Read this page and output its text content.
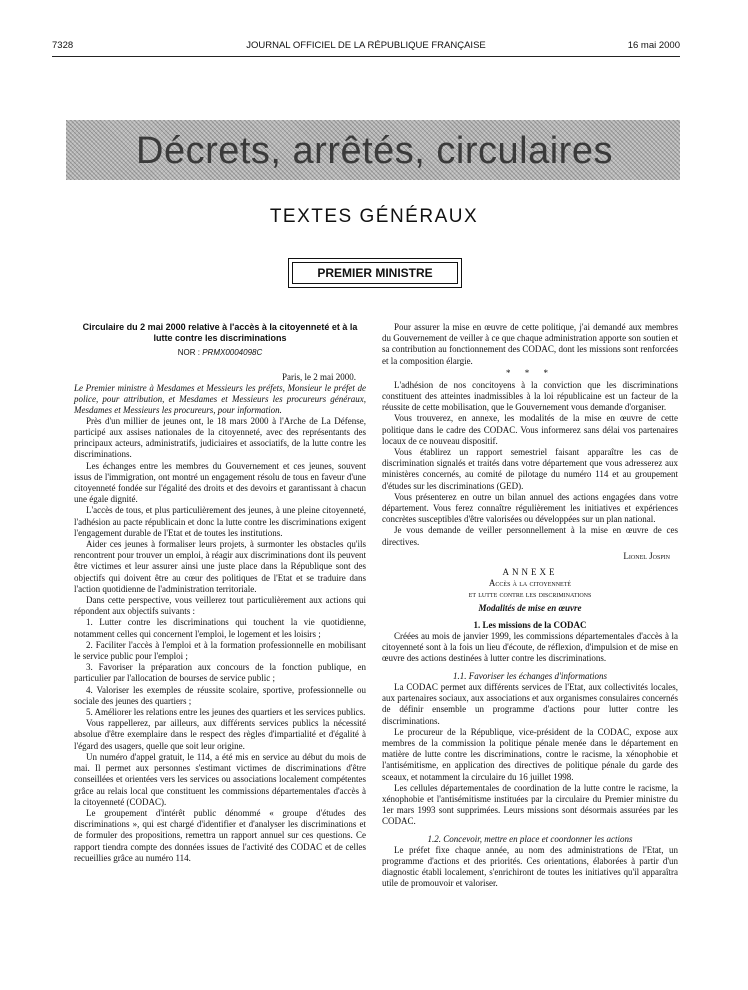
7328	JOURNAL OFFICIEL DE LA RÉPUBLIQUE FRANÇAISE	16 mai 2000
Décrets, arrêtés, circulaires
TEXTES GÉNÉRAUX
PREMIER MINISTRE
Circulaire du 2 mai 2000 relative à l'accès à la citoyenneté et à la lutte contre les discriminations
NOR : PRMX0004098C
Paris, le 2 mai 2000.

Le Premier ministre à Mesdames et Messieurs les préfets, Monsieur le préfet de police, pour attribution, et Mesdames et Messieurs les procureurs généraux, Mesdames et Messieurs les procureurs, pour information.

Près d'un millier de jeunes ont, le 18 mars 2000 à l'Arche de La Défense, participé aux assises nationales de la citoyenneté, avec des représentants des principaux acteurs, administratifs, judiciaires et associatifs, de la lutte contre les discriminations.

Les échanges entre les membres du Gouvernement et ces jeunes, souvent issus de l'immigration, ont montré un engagement résolu de tous en faveur d'une citoyenneté fondée sur l'égalité des droits et des devoirs et garantissant à chacun une égale dignité.

L'accès de tous, et plus particulièrement des jeunes, à une pleine citoyenneté, l'adhésion au pacte républicain et donc la lutte contre les discriminations exigent l'engagement durable de l'Etat et de toutes les institutions.

Aider ces jeunes à formaliser leurs projets, à surmonter les obstacles qu'ils rencontrent pour trouver un emploi, à réagir aux discriminations dont ils peuvent être victimes et leur assurer ainsi une juste place dans la République sont des objectifs qui doivent être au cœur des politiques de l'Etat et se traduire dans l'action quotidienne de l'administration territoriale.

Dans cette perspective, vous veillerez tout particulièrement aux actions qui répondent aux objectifs suivants :

1. Lutter contre les discriminations qui touchent la vie quotidienne, notamment celles qui concernent l'emploi, le logement et les loisirs ;

2. Faciliter l'accès à l'emploi et à la formation professionnelle en mobilisant le service public pour l'emploi ;

3. Favoriser la préparation aux concours de la fonction publique, en particulier par l'allocation de bourses de service public ;

4. Valoriser les exemples de réussite scolaire, sportive, professionnelle ou sociale des jeunes des quartiers ;

5. Améliorer les relations entre les jeunes des quartiers et les services publics.

Vous rappellerez, par ailleurs, aux différents services publics la nécessité absolue d'être exemplaire dans le respect des règles d'impartialité et d'égalité à l'égard des usagers, quelle que soit leur origine.

Un numéro d'appel gratuit, le 114, a été mis en service au début du mois de mai. Il permet aux personnes s'estimant victimes de discriminations d'être conseillées et orientées vers les services ou associations localement compétentes grâce au relais local que constituent les commissions départementales d'accès à la citoyenneté (CODAC).

Le groupement d'intérêt public dénommé « groupe d'études des discriminations », qui est chargé d'identifier et d'analyser les discriminations et de formuler des propositions, remettra un rapport annuel sur ces questions. Ce rapport tiendra compte des données issues de l'activité des CODAC et de celles recueillies grâce au numéro 114.

Pour assurer la mise en œuvre de cette politique, j'ai demandé aux membres du Gouvernement de veiller à ce que chaque administration apporte son soutien et sa contribution au fonctionnement des CODAC, dont les missions sont renforcées et la composition élargie.

* * *

L'adhésion de nos concitoyens à la conviction que les discriminations constituent des atteintes inadmissibles à la loi républicaine est un facteur de la réussite de cette mobilisation, que le Gouvernement vous demande d'organiser.

Vous trouverez, en annexe, les modalités de la mise en œuvre de cette politique dans le cadre des CODAC. Vous informerez sans délai vos partenaires locaux de ce nouveau dispositif.

Vous établirez un rapport semestriel faisant apparaître les cas de discrimination signalés et traités dans votre département que vous adresserez aux ministères concernés, au comité de pilotage du numéro 114 et au groupement d'études sur les discriminations (GED).

Vous présenterez en outre un bilan annuel des actions engagées dans votre département. Vous ferez connaître régulièrement les initiatives et expériences concrètes susceptibles d'être valorisées ou développées sur un plan national.

Je vous demande de veiller personnellement à la mise en œuvre de ces directives.

Lionel Jospin
ANNEXE
Accès à la citoyenneté
et lutte contre les discriminations
Modalités de mise en œuvre
1. Les missions de la CODAC

Créées au mois de janvier 1999, les commissions départementales d'accès à la citoyenneté sont à la fois un lieu d'écoute, de réflexion, d'impulsion et de mise en œuvre des actions destinées à lutter contre les discriminations.

1.1. Favoriser les échanges d'informations

La CODAC permet aux différents services de l'Etat, aux collectivités locales, aux partenaires sociaux, aux associations et aux organismes consulaires concernés de définir ensemble un programme d'actions pour lutter contre les discriminations.

Le procureur de la République, vice-président de la CODAC, expose aux membres de la commission la politique pénale menée dans le département en matière de lutte contre les discriminations, contre le racisme, la xénophobie et l'antisémitisme, en application des directives de politique pénale du garde des sceaux, et notamment la circulaire du 16 juillet 1998.

Les cellules départementales de coordination de la lutte contre le racisme, la xénophobie et l'antisémitisme instituées par la circulaire du Premier ministre du 1er mars 1993 sont supprimées. Leurs missions sont désormais assurées par les CODAC.

1.2. Concevoir, mettre en place et coordonner les actions

Le préfet fixe chaque année, au nom des administrations de l'Etat, un programme d'actions et des priorités. Ces orientations, élaborées à partir d'un diagnostic établi localement, s'enrichiront de toutes les initiatives qu'il apparaîtra utile de promouvoir et valoriser.
